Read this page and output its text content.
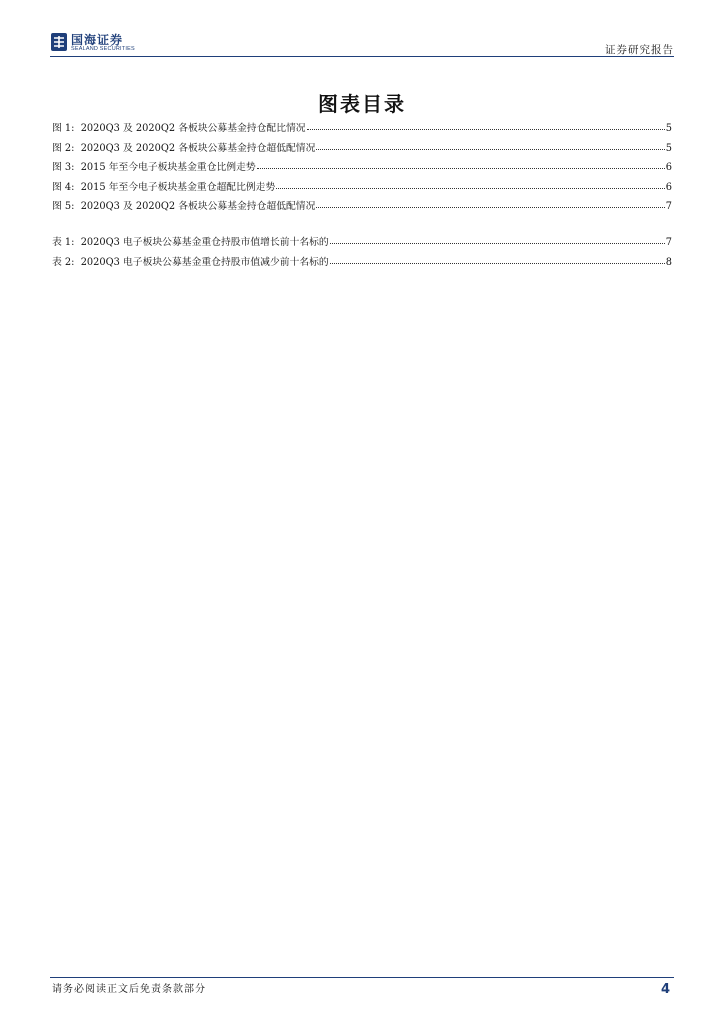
国海证券
SEALAND SECURITIES	证券研究报告
图表目录
图 1: 2020Q3 及 2020Q2 各板块公募基金持仓配比情况	5
图 2: 2020Q3 及 2020Q2 各板块公募基金持仓超低配情况	5
图 3: 2015 年至今电子板块基金重仓比例走势	6
图 4: 2015 年至今电子板块基金重仓超配比例走势	6
图 5: 2020Q3 及 2020Q2 各板块公募基金持仓超低配情况	7
表 1: 2020Q3 电子板块公募基金重仓持股市值增长前十名标的	7
表 2: 2020Q3 电子板块公募基金重仓持股市值减少前十名标的	8
请务必阅读正文后免责条款部分	4
